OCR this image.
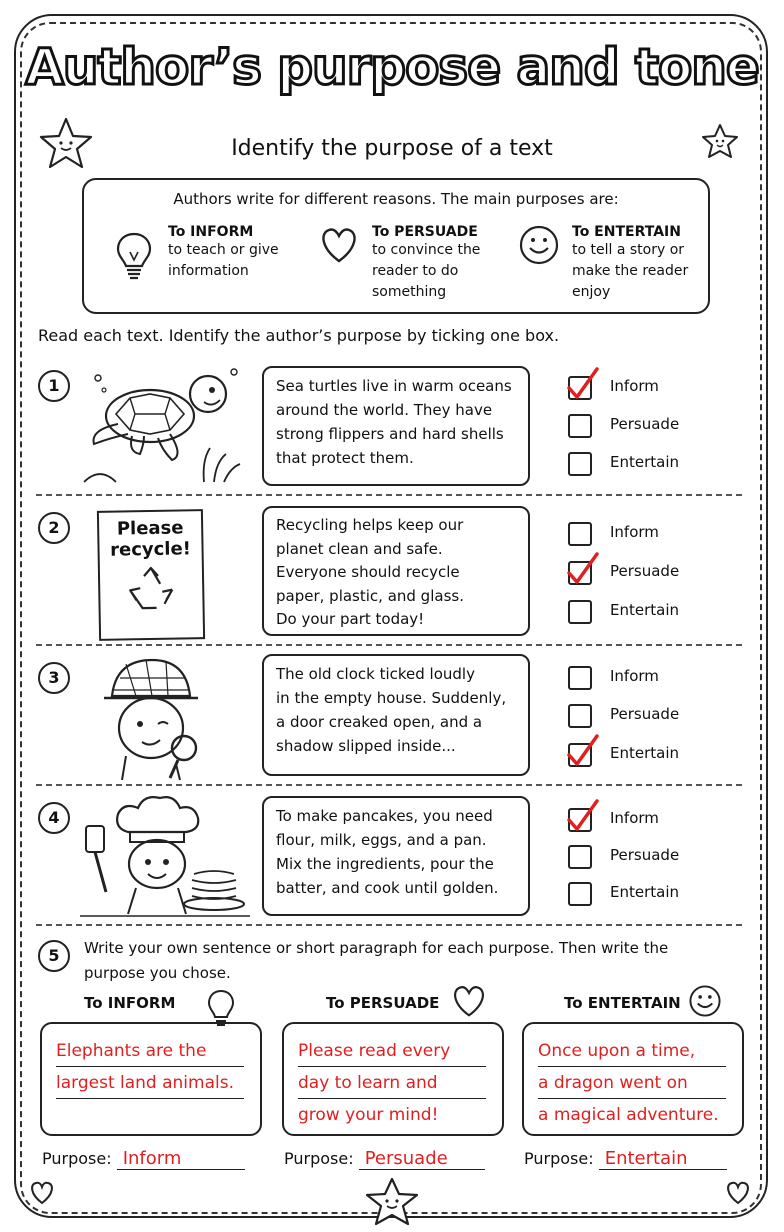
Author’s purpose and tone
Identify the purpose of a text
Authors write for different reasons. The main purposes are:
To INFORM
to teach or give information
To PERSUADE
to convince the reader to do something
To ENTERTAIN
to tell a story or make the reader enjoy
Read each text. Identify the author’s purpose by ticking one box.
1	Sea turtles live in warm oceans
around the world. They have
strong flippers and hard shells
that protect them.
Inform
Persuade
Entertain
2	Please
recycle!
Recycling helps keep our
planet clean and safe.
Everyone should recycle
paper, plastic, and glass.
Do your part today!
Inform
Persuade
Entertain
3	The old clock ticked loudly
in the empty house. Suddenly,
a door creaked open, and a
shadow slipped inside...
Inform
Persuade
Entertain
4	To make pancakes, you need
flour, milk, eggs, and a pan.
Mix the ingredients, pour the
batter, and cook until golden.
Inform
Persuade
Entertain
5	Write your own sentence or short paragraph for each purpose. Then write the purpose you chose.
To INFORM	To PERSUADE	To ENTERTAIN
Elephants are the
largest land animals.
Please read every
day to learn and
grow your mind!
Once upon a time,
a dragon went on
a magical adventure.
Purpose: Inform	Purpose: Persuade	Purpose: Entertain
